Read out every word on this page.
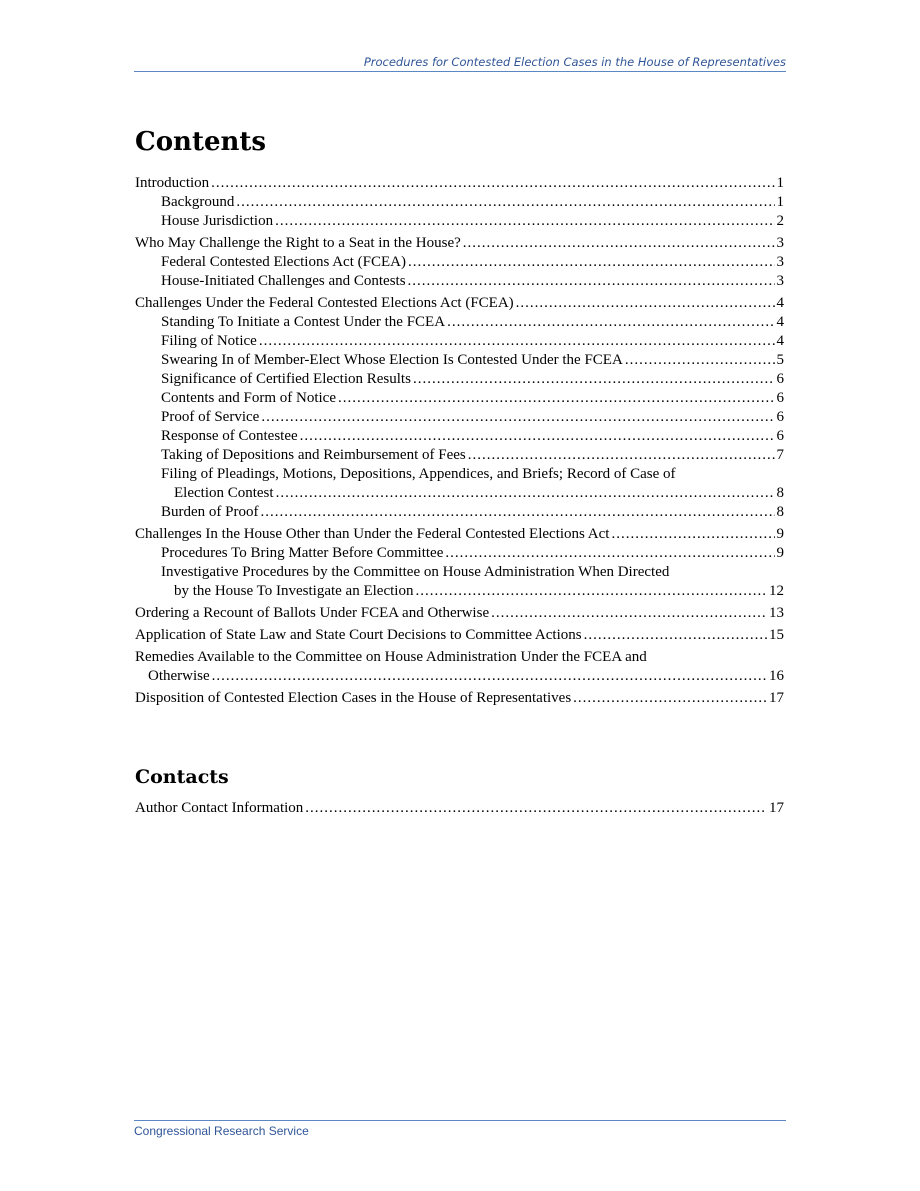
Procedures for Contested Election Cases in the House of Representatives
Contents
Introduction .....	1
Background .....	1
House Jurisdiction .....	2
Who May Challenge the Right to a Seat in the House? .....	3
Federal Contested Elections Act (FCEA) .....	3
House-Initiated Challenges and Contests .....	3
Challenges Under the Federal Contested Elections Act (FCEA) .....	4
Standing To Initiate a Contest Under the FCEA .....	4
Filing of Notice .....	4
Swearing In of Member-Elect Whose Election Is Contested Under the FCEA .....	5
Significance of Certified Election Results .....	6
Contents and Form of Notice .....	6
Proof of Service .....	6
Response of Contestee .....	6
Taking of Depositions and Reimbursement of Fees .....	7
Filing of Pleadings, Motions, Depositions, Appendices, and Briefs; Record of Case of
Election Contest .....	8
Burden of Proof .....	8
Challenges In the House Other than Under the Federal Contested Elections Act .....	9
Procedures To Bring Matter Before Committee .....	9
Investigative Procedures by the Committee on House Administration When Directed
by the House To Investigate an Election .....	12
Ordering a Recount of Ballots Under FCEA and Otherwise .....	13
Application of State Law and State Court Decisions to Committee Actions .....	15
Remedies Available to the Committee on House Administration Under the FCEA and
Otherwise .....	16
Disposition of Contested Election Cases in the House of Representatives .....	17
Contacts
Author Contact Information .....	17
Congressional Research Service
